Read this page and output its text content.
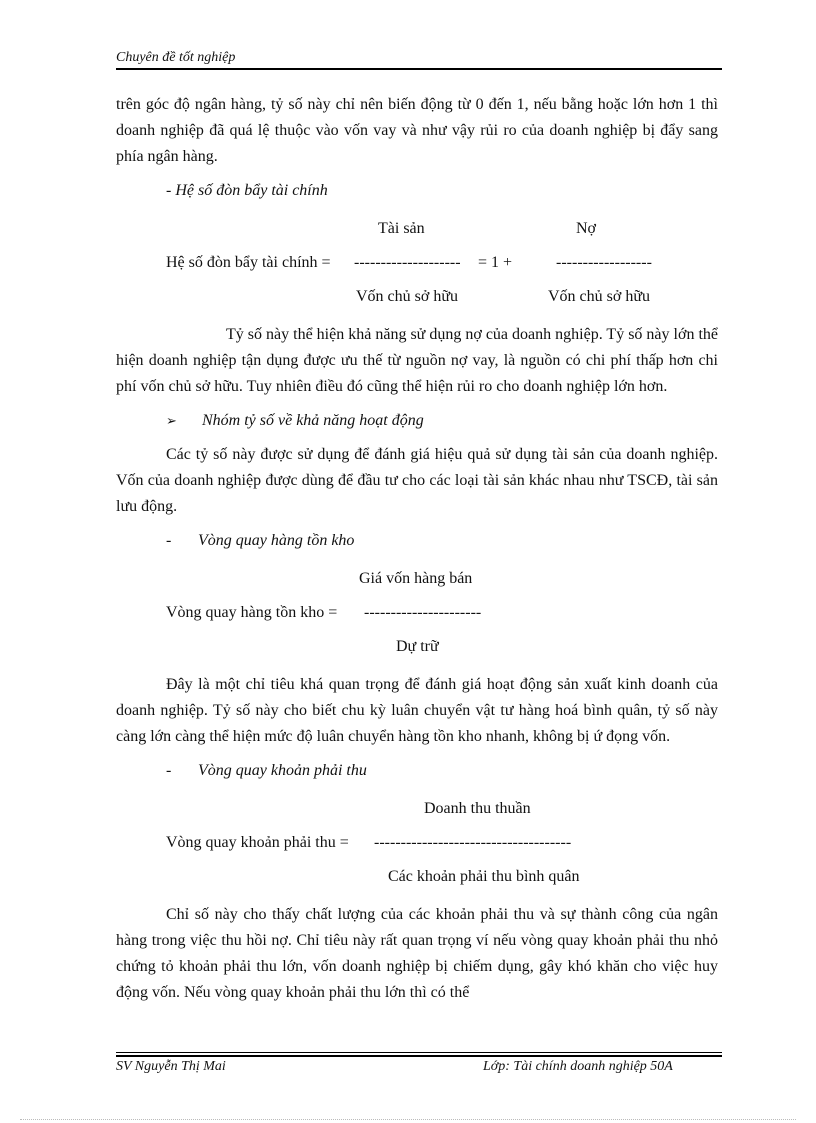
Chuyên đề tốt nghiệp

trên góc độ ngân hàng, tỷ số này chỉ nên biến động từ 0 đến 1, nếu bằng hoặc lớn hơn 1 thì doanh nghiệp đã quá lệ thuộc vào vốn vay và như vậy rủi ro của doanh nghiệp bị đẩy sang phía ngân hàng.

- Hệ số đòn bẩy tài chính

Tài sản	Nợ
Hệ số đòn bẩy tài chính = -------------------- = 1 +	------------------
Vốn chủ sở hữu	Vốn chủ sở hữu

Tỷ số này thể hiện khả năng sử dụng nợ của doanh nghiệp. Tỷ số này lớn thể hiện doanh nghiệp tận dụng được ưu thế từ nguồn nợ vay, là nguồn có chi phí thấp hơn chi phí vốn chủ sở hữu. Tuy nhiên điều đó cũng thể hiện rủi ro cho doanh nghiệp lớn hơn.

➢ Nhóm tỷ số về khả năng hoạt động

Các tỷ số này được sử dụng để đánh giá hiệu quả sử dụng tài sản của doanh nghiệp. Vốn của doanh nghiệp được dùng để đầu tư cho các loại tài sản khác nhau như TSCĐ, tài sản lưu động.

- Vòng quay hàng tồn kho

Giá vốn hàng bán
Vòng quay hàng tồn kho = ----------------------
Dự trữ

Đây là một chỉ tiêu khá quan trọng để đánh giá hoạt động sản xuất kinh doanh của doanh nghiệp. Tỷ số này cho biết chu kỳ luân chuyển vật tư hàng hoá bình quân, tỷ số này càng lớn càng thể hiện mức độ luân chuyển hàng tồn kho nhanh, không bị ứ đọng vốn.

- Vòng quay khoản phải thu

Doanh thu thuần
Vòng quay khoản phải thu = -------------------------------------
Các khoản phải thu bình quân

Chỉ số này cho thấy chất lượng của các khoản phải thu và sự thành công của ngân hàng trong việc thu hồi nợ. Chỉ tiêu này rất quan trọng ví nếu vòng quay khoản phải thu nhỏ chứng tỏ khoản phải thu lớn, vốn doanh nghiệp bị chiếm dụng, gây khó khăn cho việc huy động vốn. Nếu vòng quay khoản phải thu lớn thì có thể

SV Nguyễn Thị Mai	Lớp: Tài chính doanh nghiệp 50A
